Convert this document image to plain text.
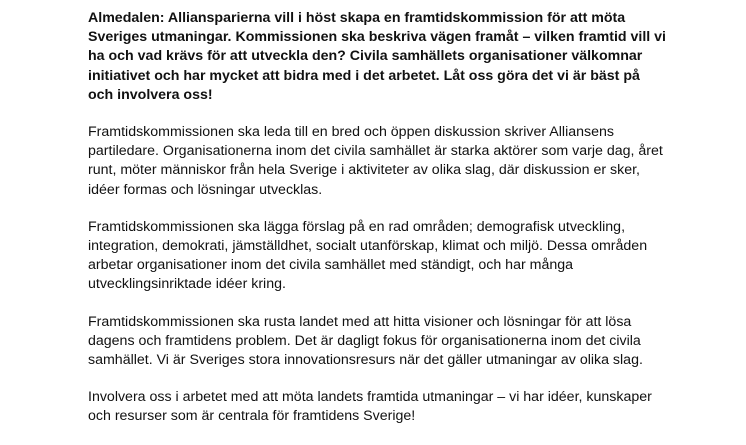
Almedalen: Alliansparierna vill i höst skapa en framtidskommission för att möta Sveriges utmaningar. Kommissionen ska beskriva vägen framåt – vilken framtid vill vi ha och vad krävs för att utveckla den? Civila samhällets organisationer välkomnar initiativet och har mycket att bidra med i det arbetet. Låt oss göra det vi är bäst på och involvera oss!

Framtidskommissionen ska leda till en bred och öppen diskussion skriver Alliansens partiledare. Organisationerna inom det civila samhället är starka aktörer som varje dag, året runt, möter människor från hela Sverige i aktiviteter av olika slag, där diskussion er sker, idéer formas och lösningar utvecklas.

Framtidskommissionen ska lägga förslag på en rad områden; demografisk utveckling, integration, demokrati, jämställdhet, socialt utanförskap, klimat och miljö. Dessa områden arbetar organisationer inom det civila samhället med ständigt, och har många utvecklingsinriktade idéer kring.

Framtidskommissionen ska rusta landet med att hitta visioner och lösningar för att lösa dagens och framtidens problem. Det är dagligt fokus för organisationerna inom det civila samhället. Vi är Sveriges stora innovationsresurs när det gäller utmaningar av olika slag.

Involvera oss i arbetet med att möta landets framtida utmaningar – vi har idéer, kunskaper och resurser som är centrala för framtidens Sverige!
